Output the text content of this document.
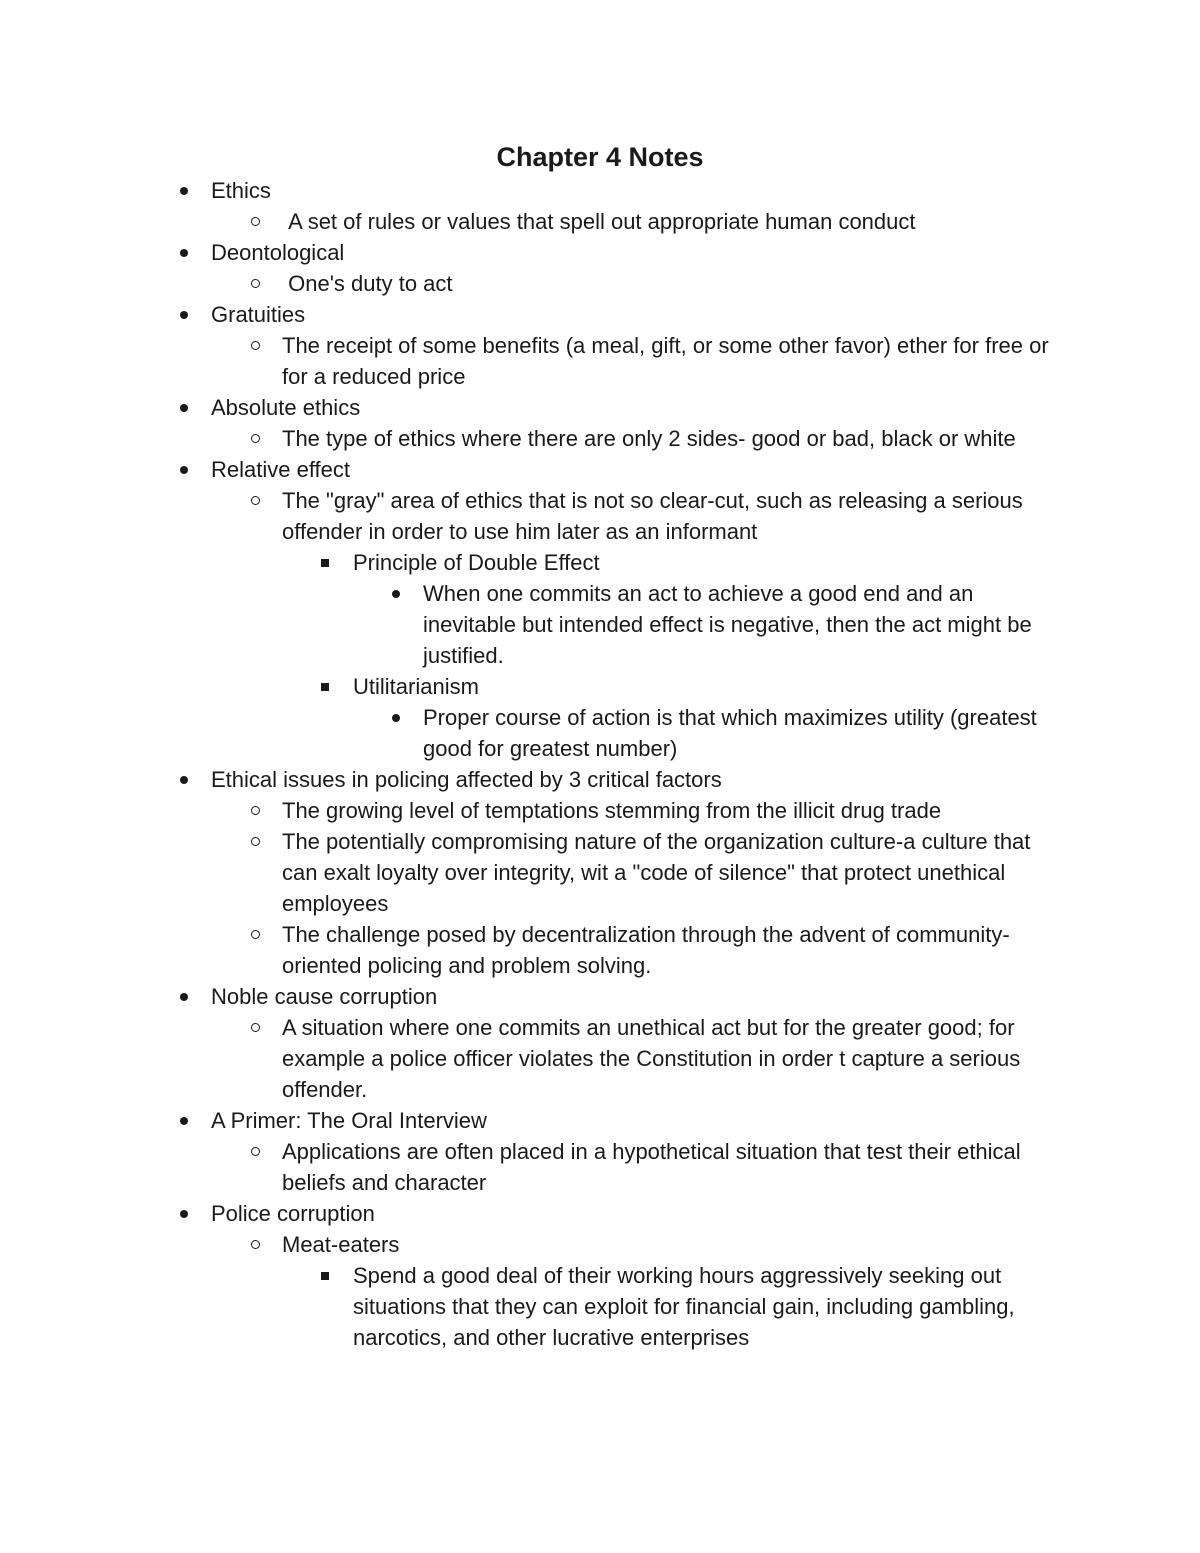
Chapter 4 Notes
Ethics
A set of rules or values that spell out appropriate human conduct
Deontological
One's duty to act
Gratuities
The receipt of some benefits (a meal, gift, or some other favor) ether for free or for a reduced price
Absolute ethics
The type of ethics where there are only 2 sides- good or bad, black or white
Relative effect
The "gray" area of ethics that is not so clear-cut, such as releasing a serious offender in order to use him later as an informant
Principle of Double Effect
When one commits an act to achieve a good end and an inevitable but intended effect is negative, then the act might be justified.
Utilitarianism
Proper course of action is that which maximizes utility (greatest good for greatest number)
Ethical issues in policing affected by 3 critical factors
The growing level of temptations stemming from the illicit drug trade
The potentially compromising nature of the organization culture-a culture that can exalt loyalty over integrity, wit a "code of silence" that protect unethical employees
The challenge posed by decentralization through the advent of community-oriented policing and problem solving.
Noble cause corruption
A situation where one commits an unethical act but for the greater good; for example a police officer violates the Constitution in order t capture a serious offender.
A Primer: The Oral Interview
Applications are often placed in a hypothetical situation that test their ethical beliefs and character
Police corruption
Meat-eaters
Spend a good deal of their working hours aggressively seeking out situations that they can exploit for financial gain, including gambling, narcotics, and other lucrative enterprises
